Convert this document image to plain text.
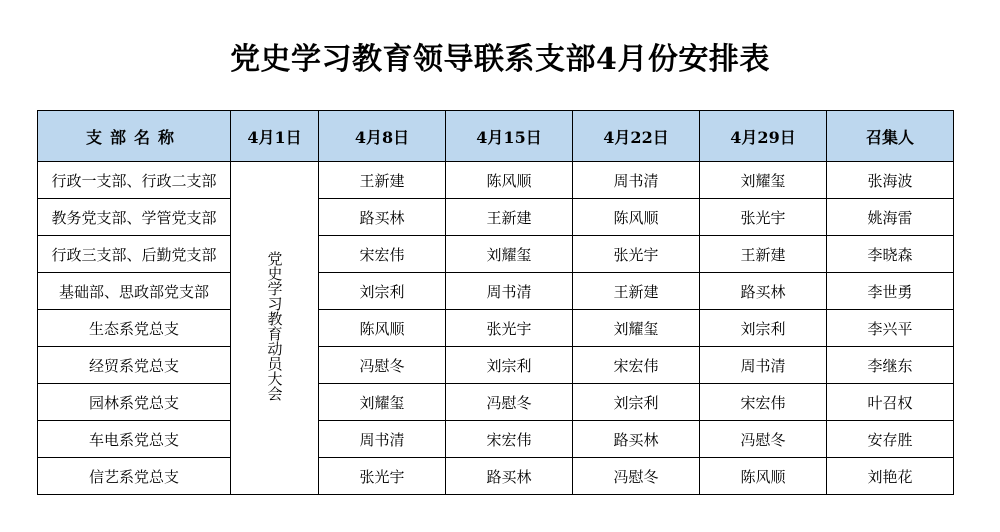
党史学习教育领导联系支部4月份安排表
支部名称	4月1日	4月8日	4月15日	4月22日	4月29日	召集人
行政一支部、行政二支部	党史学习教育动员大会	王新建	陈风顺	周书清	刘耀玺	张海波
教务党支部、学管党支部		路买林	王新建	陈风顺	张光宇	姚海雷
行政三支部、后勤党支部		宋宏伟	刘耀玺	张光宇	王新建	李晓森
基础部、思政部党支部		刘宗利	周书清	王新建	路买林	李世勇
生态系党总支		陈风顺	张光宇	刘耀玺	刘宗利	李兴平
经贸系党总支		冯慰冬	刘宗利	宋宏伟	周书清	李继东
园林系党总支		刘耀玺	冯慰冬	刘宗利	宋宏伟	叶召权
车电系党总支		周书清	宋宏伟	路买林	冯慰冬	安存胜
信艺系党总支		张光宇	路买林	冯慰冬	陈风顺	刘艳花
